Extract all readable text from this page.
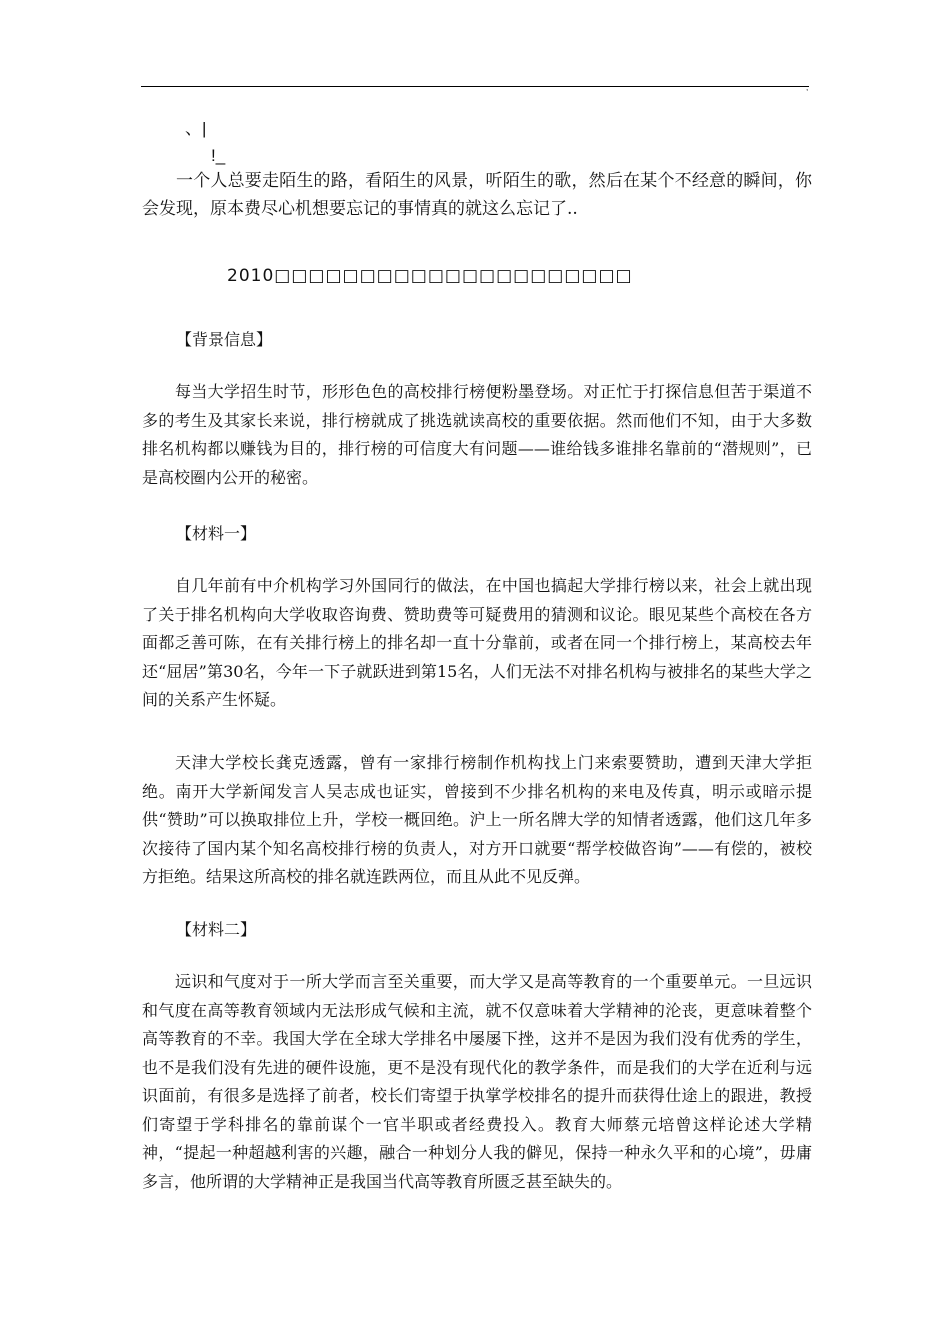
,
、|
!_

一个人总要走陌生的路，看陌生的风景，听陌生的歌，然后在某个不经意的瞬间，你会发现，原本费尽心机想要忘记的事情真的就这么忘记了..

2010□□□□□□□□□□□□□□□□□□□□□
【背景信息】

每当大学招生时节，形形色色的高校排行榜便粉墨登场。对正忙于打探信息但苦于渠道不多的考生及其家长来说，排行榜就成了挑选就读高校的重要依据。然而他们不知，由于大多数排名机构都以赚钱为目的，排行榜的可信度大有问题——谁给钱多谁排名靠前的“潜规则”，已是高校圈内公开的秘密。

【材料一】

自几年前有中介机构学习外国同行的做法，在中国也搞起大学排行榜以来，社会上就出现了关于排名机构向大学收取咨询费、赞助费等可疑费用的猜测和议论。眼见某些个高校在各方面都乏善可陈，在有关排行榜上的排名却一直十分靠前，或者在同一个排行榜上，某高校去年还“屈居”第30名，今年一下子就跃进到第15名，人们无法不对排名机构与被排名的某些大学之间的关系产生怀疑。

天津大学校长龚克透露，曾有一家排行榜制作机构找上门来索要赞助，遭到天津大学拒绝。南开大学新闻发言人吴志成也证实，曾接到不少排名机构的来电及传真，明示或暗示提供“赞助”可以换取排位上升，学校一概回绝。沪上一所名牌大学的知情者透露，他们这几年多次接待了国内某个知名高校排行榜的负责人，对方开口就要“帮学校做咨询”——有偿的，被校方拒绝。结果这所高校的排名就连跌两位，而且从此不见反弹。

【材料二】

远识和气度对于一所大学而言至关重要，而大学又是高等教育的一个重要单元。一旦远识和气度在高等教育领域内无法形成气候和主流，就不仅意味着大学精神的沦丧，更意味着整个高等教育的不幸。我国大学在全球大学排名中屡屡下挫，这并不是因为我们没有优秀的学生，也不是我们没有先进的硬件设施，更不是没有现代化的教学条件，而是我们的大学在近利与远识面前，有很多是选择了前者，校长们寄望于执掌学校排名的提升而获得仕途上的跟进，教授们寄望于学科排名的靠前谋个一官半职或者经费投入。教育大师蔡元培曾这样论述大学精神，“提起一种超越利害的兴趣，融合一种划分人我的僻见，保持一种永久平和的心境”，毋庸多言，他所谓的大学精神正是我国当代高等教育所匮乏甚至缺失的。
